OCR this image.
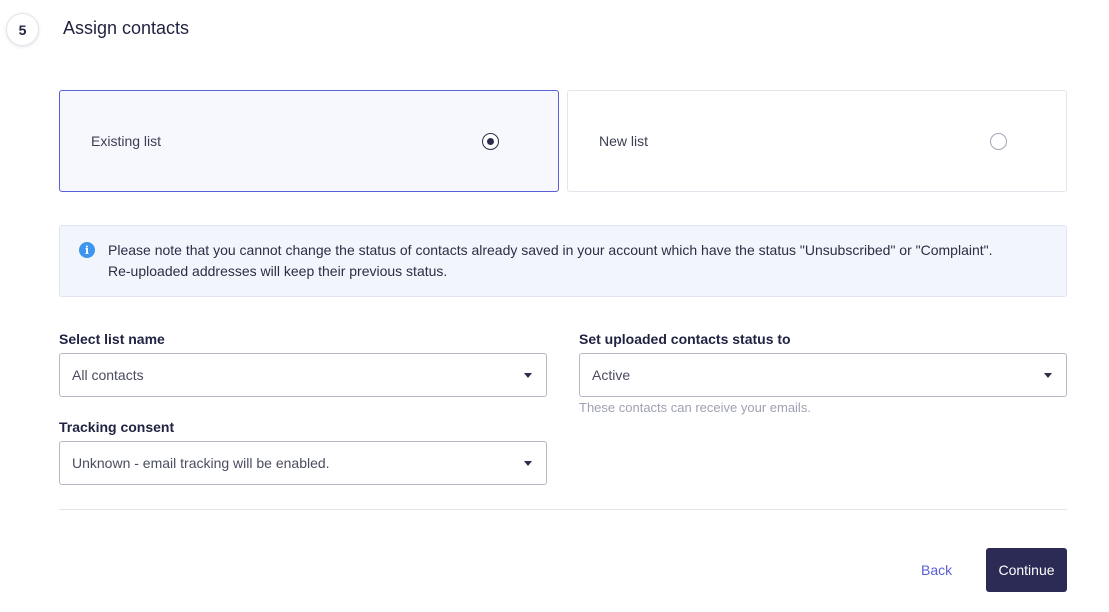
5	Assign contacts
Existing list	New list
i	Please note that you cannot change the status of contacts already saved in your account which have the status "Unsubscribed" or "Complaint".
Re-uploaded addresses will keep their previous status.
Select list name
All contacts
Set uploaded contacts status to
Active
These contacts can receive your emails.
Tracking consent
Unknown - email tracking will be enabled.
Back	Continue
